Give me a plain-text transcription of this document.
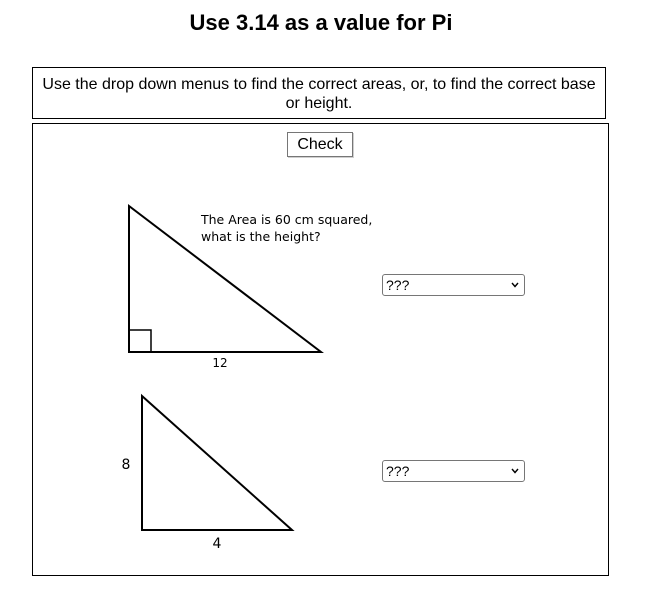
Use 3.14 as a value for Pi
Use the drop down menus to find the correct areas, or, to find the correct base or height.
Check
The Area is 60 cm squared,
what is the height?
12
8
4
???
???
